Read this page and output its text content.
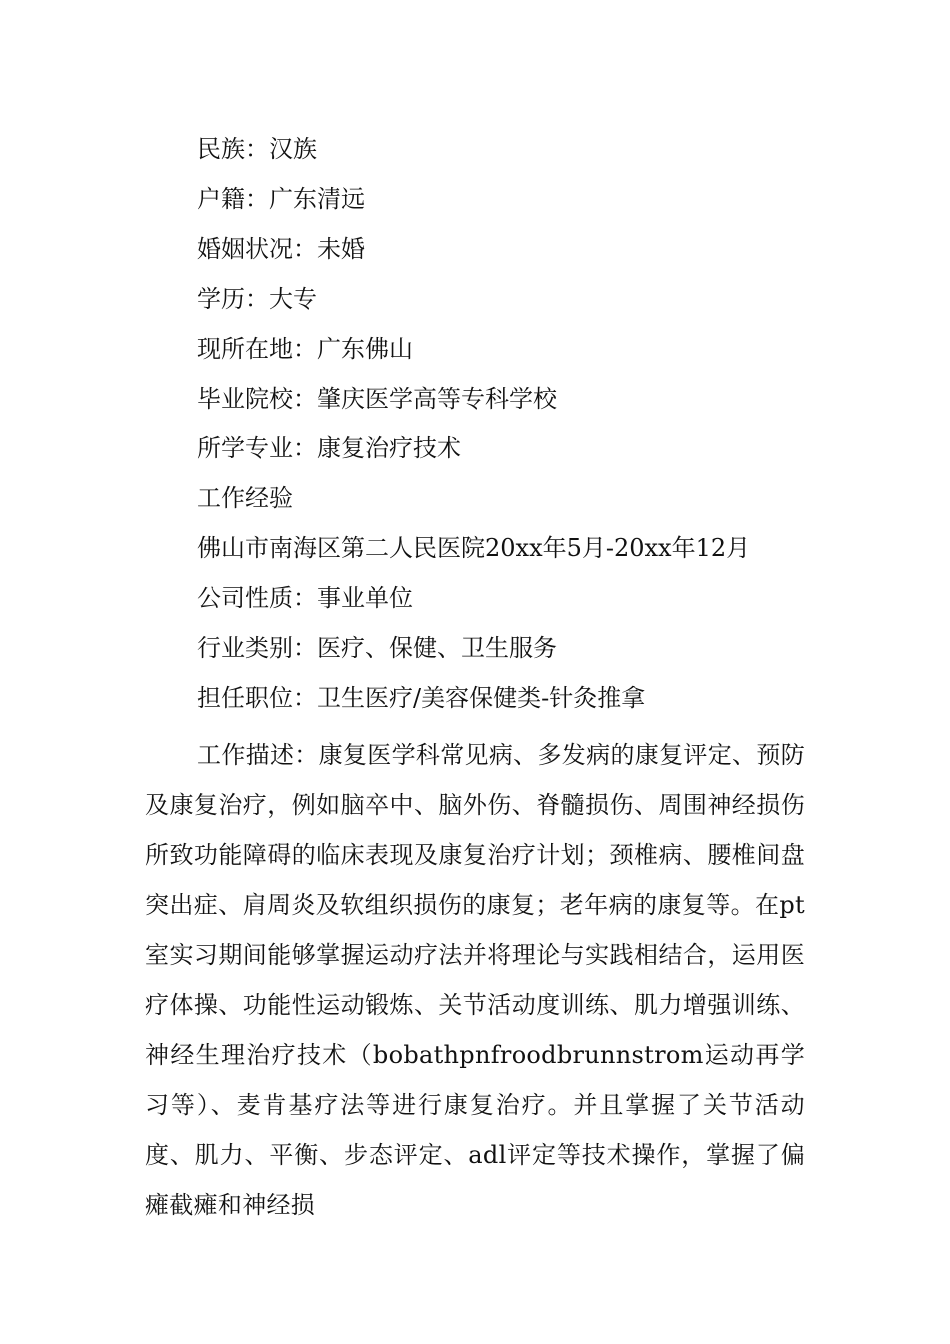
民族：汉族
户籍：广东清远
婚姻状况：未婚
学历：大专
现所在地：广东佛山
毕业院校：肇庆医学高等专科学校
所学专业：康复治疗技术
工作经验
佛山市南海区第二人民医院20xx年5月-20xx年12月
公司性质：事业单位
行业类别：医疗、保健、卫生服务
担任职位：卫生医疗/美容保健类-针灸推拿
工作描述：康复医学科常见病、多发病的康复评定、预防及康复治疗，例如脑卒中、脑外伤、脊髓损伤、周围神经损伤所致功能障碍的临床表现及康复治疗计划；颈椎病、腰椎间盘突出症、肩周炎及软组织损伤的康复；老年病的康复等。在pt室实习期间能够掌握运动疗法并将理论与实践相结合，运用医疗体操、功能性运动锻炼、关节活动度训练、肌力增强训练、神经生理治疗技术（bobathpnfroodbrunnstrom运动再学习等）、麦肯基疗法等进行康复治疗。并且掌握了关节活动度、肌力、平衡、步态评定、adl评定等技术操作，掌握了偏瘫截瘫和神经损
